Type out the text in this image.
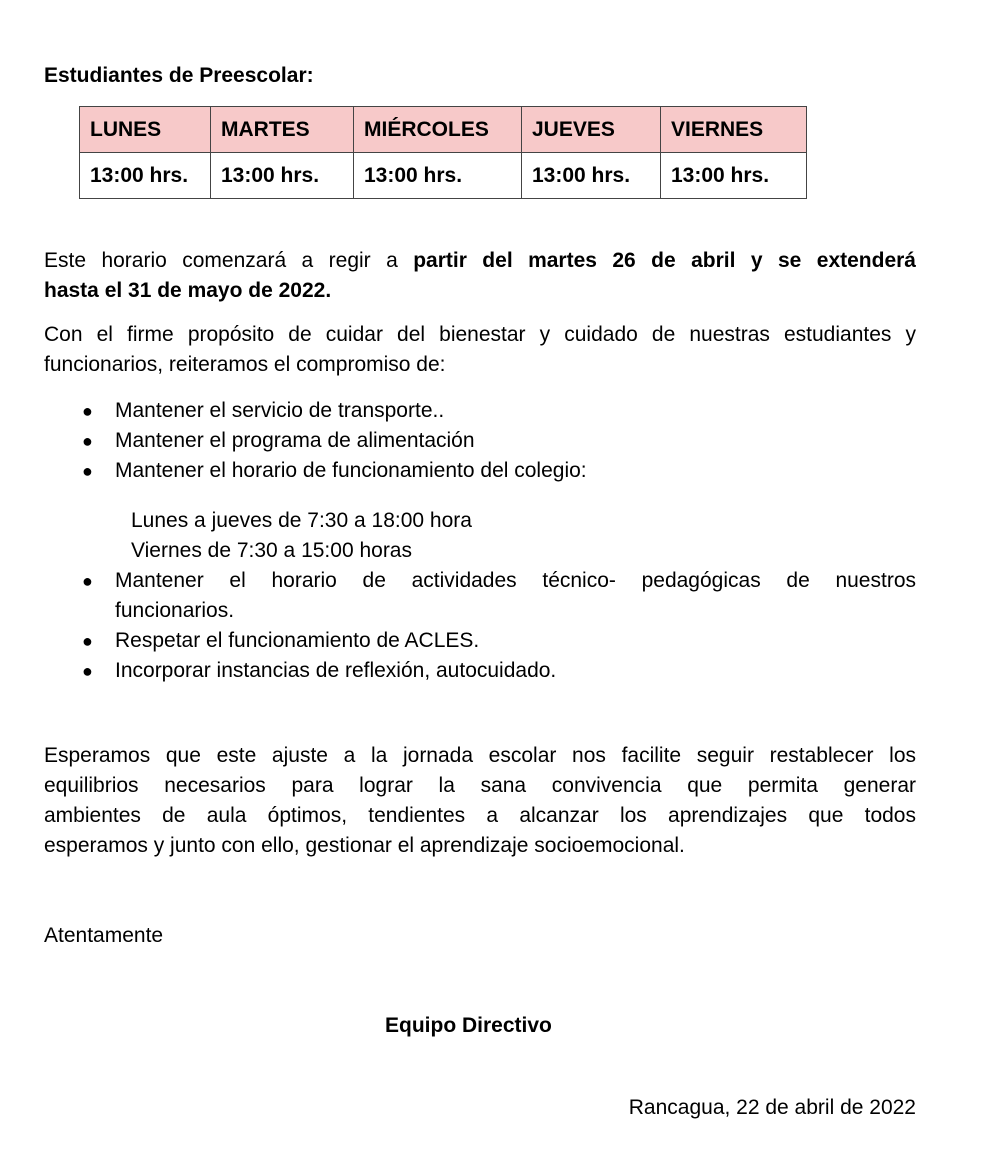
Estudiantes de Preescolar:
LUNES	MARTES	MIÉRCOLES	JUEVES	VIERNES
13:00 hrs.	13:00 hrs.	13:00 hrs.	13:00 hrs.	13:00 hrs.
Este horario comenzará a regir a partir del martes 26 de abril y se extenderá
hasta el 31 de mayo de 2022.
Con el firme propósito de cuidar del bienestar y cuidado de nuestras estudiantes y
funcionarios, reiteramos el compromiso de:
● Mantener el servicio de transporte..
● Mantener el programa de alimentación
● Mantener el horario de funcionamiento del colegio:
Lunes a jueves de 7:30 a 18:00 hora
Viernes de 7:30 a 15:00 horas
● Mantener el horario de actividades técnico- pedagógicas de nuestros
funcionarios.
● Respetar el funcionamiento de ACLES.
● Incorporar instancias de reflexión, autocuidado.
Esperamos que este ajuste a la jornada escolar nos facilite seguir restablecer los
equilibrios necesarios para lograr la sana convivencia que permita generar
ambientes de aula óptimos, tendientes a alcanzar los aprendizajes que todos
esperamos y junto con ello, gestionar el aprendizaje socioemocional.
Atentamente
Equipo Directivo
Rancagua, 22 de abril de 2022
